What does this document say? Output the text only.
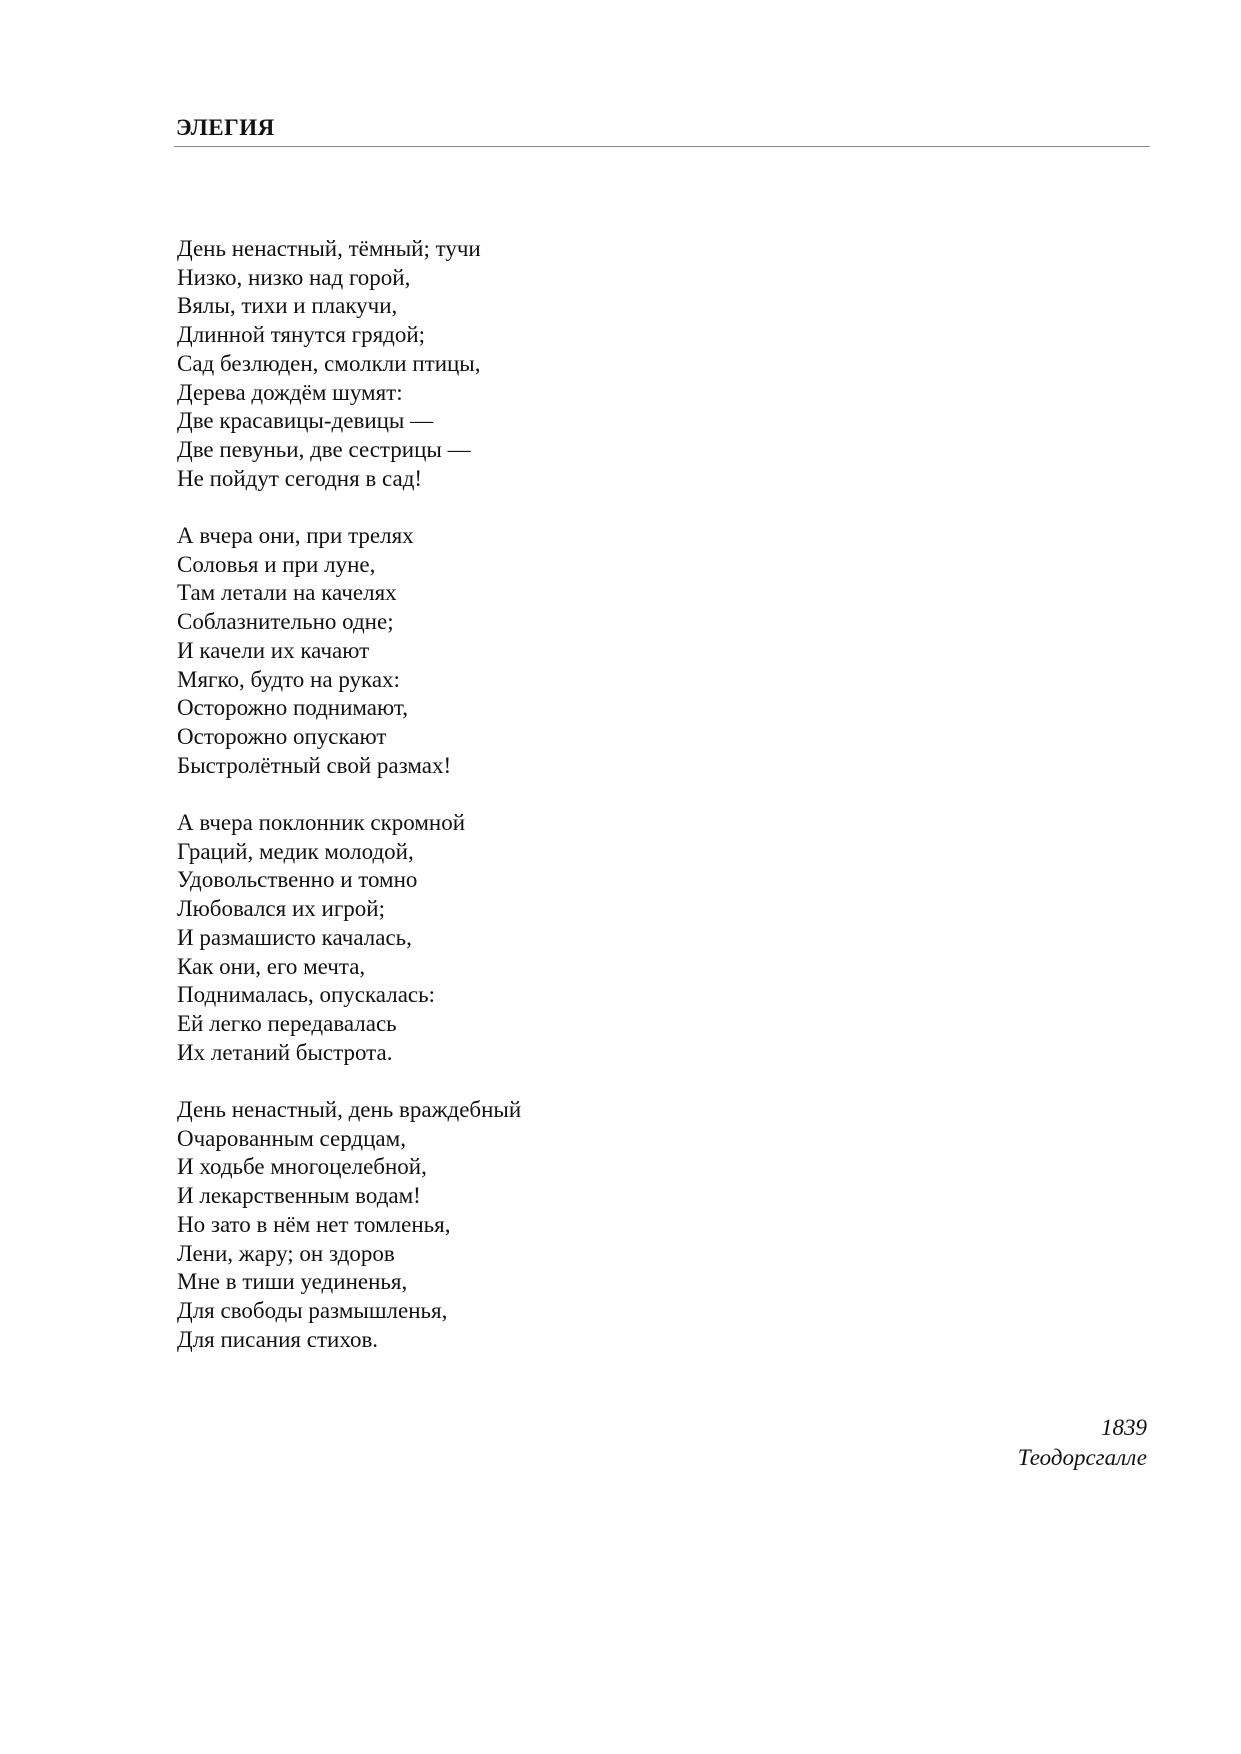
ЭЛЕГИЯ
День ненастный, тёмный; тучи
Низко, низко над горой,
Вялы, тихи и плакучи,
Длинной тянутся грядой;
Сад безлюден, смолкли птицы,
Дерева дождём шумят:
Две красавицы-девицы —
Две певуньи, две сестрицы —
Не пойдут сегодня в сад!
А вчера они, при трелях
Соловья и при луне,
Там летали на качелях
Соблазнительно одне;
И качели их качают
Мягко, будто на руках:
Осторожно поднимают,
Осторожно опускают
Быстролётный свой размах!
А вчера поклонник скромной
Граций, медик молодой,
Удовольственно и томно
Любовался их игрой;
И размашисто качалась,
Как они, его мечта,
Поднималась, опускалась:
Ей легко передавалась
Их летаний быстрота.
День ненастный, день враждебный
Очарованным сердцам,
И ходьбе многоцелебной,
И лекарственным водам!
Но зато в нём нет томленья,
Лени, жару; он здоров
Мне в тиши уединенья,
Для свободы размышленья,
Для писания стихов.
1839
Теодорсгалле
